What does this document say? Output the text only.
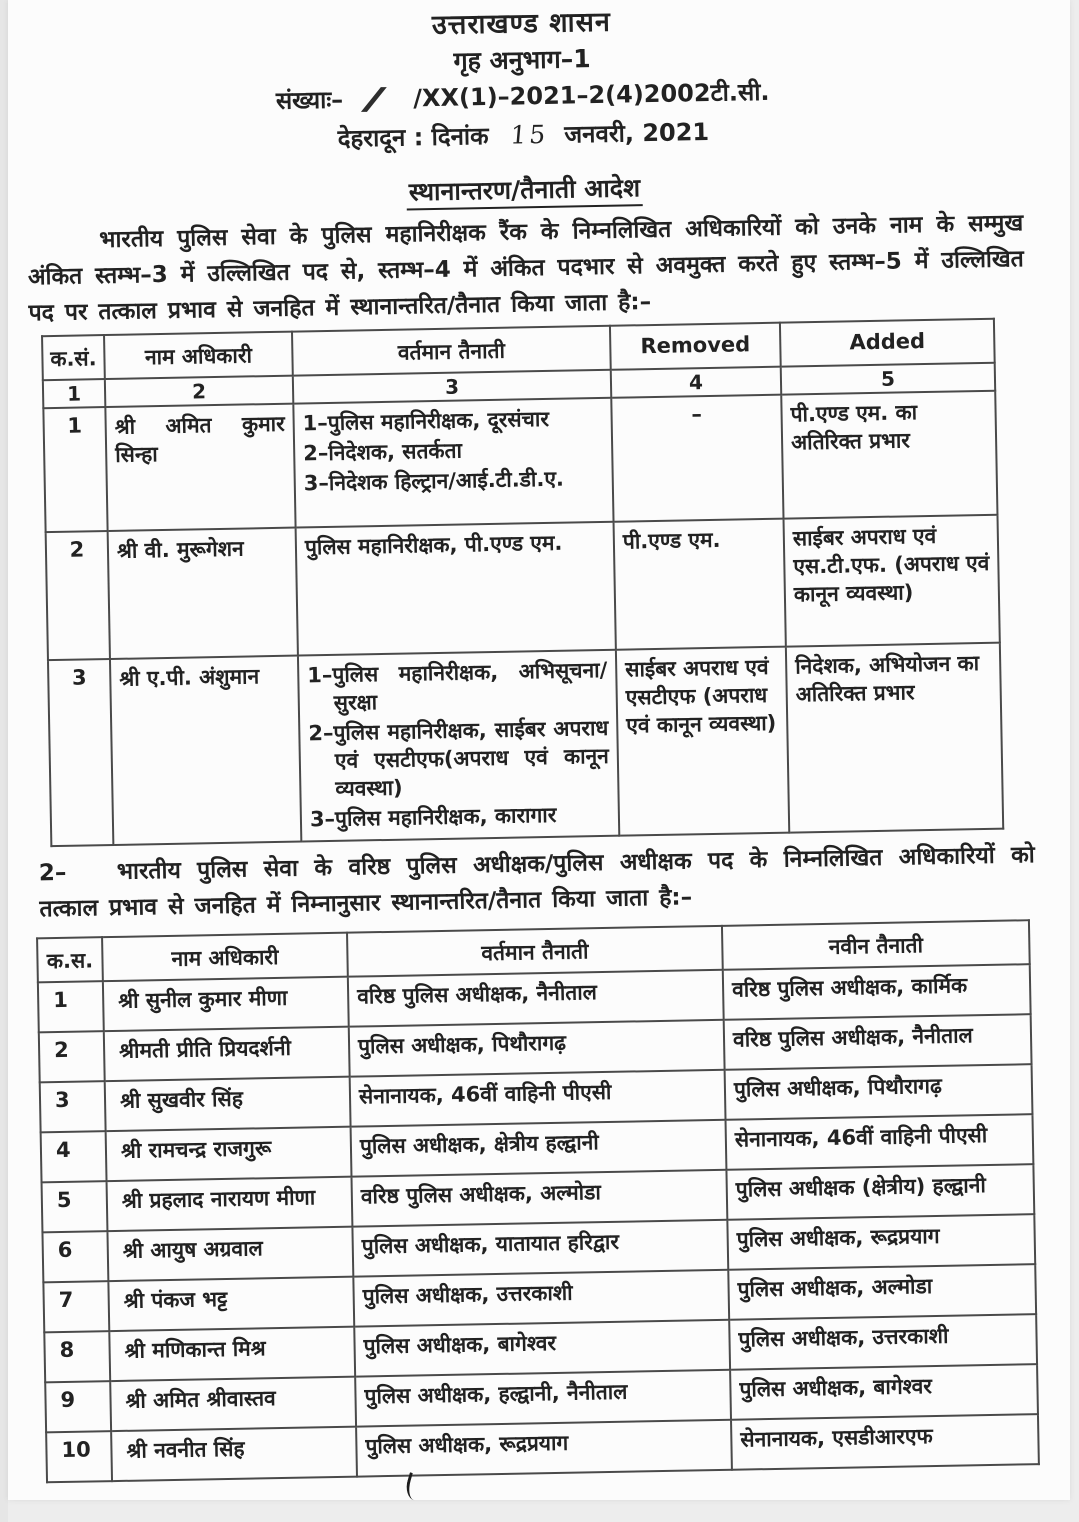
उत्तराखण्ड शासन
गृह अनुभाग–1
संख्याः– ∕ /XX(1)–2021–2(4)2002टी.सी.
देहरादून : दिनांक 15 जनवरी, 2021
स्थानान्तरण/तैनाती आदेश

भारतीय पुलिस सेवा के पुलिस महानिरीक्षक रैंक के निम्नलिखित अधिकारियों को उनके नाम के सम्मुख अंकित स्तम्भ–3 में उल्लिखित पद से, स्तम्भ–4 में अंकित पदभार से अवमुक्त करते हुए स्तम्भ–5 में उल्लिखित पद पर तत्काल प्रभाव से जनहित में स्थानान्तरित/तैनात किया जाता है:–

क.सं.	नाम अधिकारी	वर्तमान तैनाती	Removed	Added
1	2	3	4	5
1	श्री अमित कुमार सिन्हा	1–पुलिस महानिरीक्षक, दूरसंचार
2–निदेशक, सतर्कता
3–निदेशक हिल्ट्रान/आई.टी.डी.ए.	–	पी.एण्ड एम. का अतिरिक्त प्रभार

2	श्री वी. मुरूगेशन	पुलिस महानिरीक्षक, पी.एण्ड एम.	पी.एण्ड एम.	साईबर अपराध एवं एस.टी.एफ. (अपराध एवं कानून व्यवस्था)

3	श्री ए.पी. अंशुमान	1–पुलिस महानिरीक्षक, अभिसूचना/सुरक्षा
2–पुलिस महानिरीक्षक, साईबर अपराध एवं एसटीएफ(अपराध एवं कानून व्यवस्था)
3–पुलिस महानिरीक्षक, कारागार	साईबर अपराध एवं एसटीएफ (अपराध एवं कानून व्यवस्था)	निदेशक, अभियोजन का अतिरिक्त प्रभार

2– भारतीय पुलिस सेवा के वरिष्ठ पुलिस अधीक्षक/पुलिस अधीक्षक पद के निम्नलिखित अधिकारियों को तत्काल प्रभाव से जनहित में निम्नानुसार स्थानान्तरित/तैनात किया जाता है:–

क.स.	नाम अधिकारी	वर्तमान तैनाती	नवीन तैनाती
1	श्री सुनील कुमार मीणा	वरिष्ठ पुलिस अधीक्षक, नैनीताल	वरिष्ठ पुलिस अधीक्षक, कार्मिक
2	श्रीमती प्रीति प्रियदर्शनी	पुलिस अधीक्षक, पिथौरागढ़	वरिष्ठ पुलिस अधीक्षक, नैनीताल
3	श्री सुखवीर सिंह	सेनानायक, 46वीं वाहिनी पीएसी	पुलिस अधीक्षक, पिथौरागढ़
4	श्री रामचन्द्र राजगुरू	पुलिस अधीक्षक, क्षेत्रीय हल्द्वानी	सेनानायक, 46वीं वाहिनी पीएसी
5	श्री प्रहलाद नारायण मीणा	वरिष्ठ पुलिस अधीक्षक, अल्मोडा	पुलिस अधीक्षक (क्षेत्रीय) हल्द्वानी
6	श्री आयुष अग्रवाल	पुलिस अधीक्षक, यातायात हरिद्वार	पुलिस अधीक्षक, रूद्रप्रयाग
7	श्री पंकज भट्ट	पुलिस अधीक्षक, उत्तरकाशी	पुलिस अधीक्षक, अल्मोडा
8	श्री मणिकान्त मिश्र	पुलिस अधीक्षक, बागेश्वर	पुलिस अधीक्षक, उत्तरकाशी
9	श्री अमित श्रीवास्तव	पुलिस अधीक्षक, हल्द्वानी, नैनीताल	पुलिस अधीक्षक, बागेश्वर
10	श्री नवनीत सिंह	पुलिस अधीक्षक, रूद्रप्रयाग	सेनानायक, एसडीआरएफ
